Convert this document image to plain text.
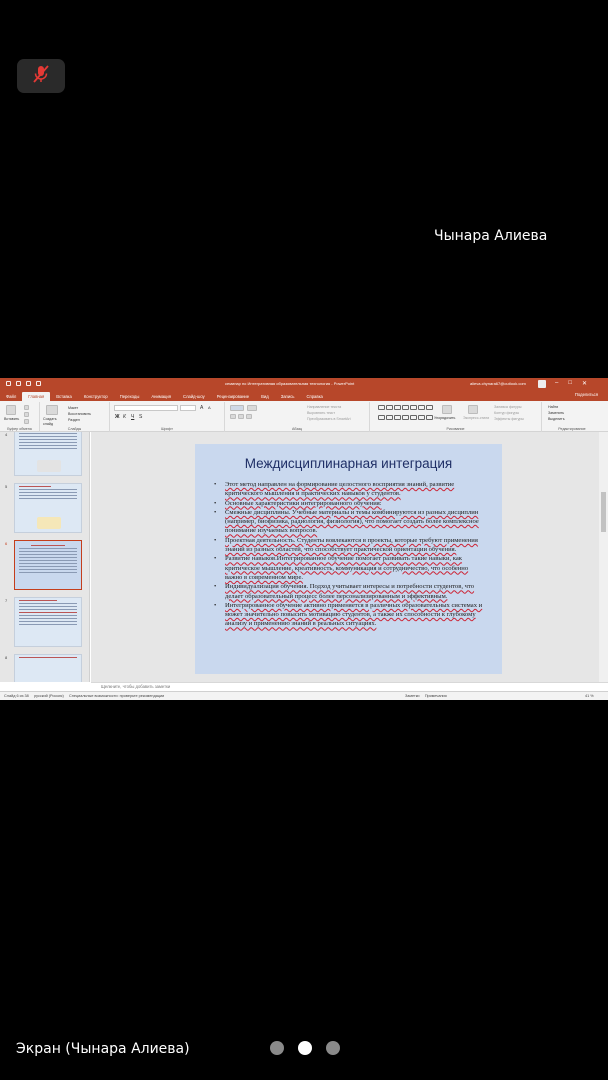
Чынара Алиева
семинар по Интегративная образовательная технология - PowerPoint	alieva.chynara67@outlook.com	– □ ✕
Файл	Главная	Вставка	Конструктор	Переходы	Анимация	Слайд-шоу	Рецензирование	Вид	Запись	Справка	Поделиться
Вставить
Буфер обмена
Создать слайд
Макет
Восстановить
Раздел
Слайды
Ж К Ч S
A A
Шрифт
Направление текста
Выровнять текст
Преобразовать в SmartArt
Абзац
Упорядочить Экспресс-стили
Заливка фигуры
Контур фигуры
Эффекты фигуры
Рисование
Найти
Заменить
Выделить
Редактирование
4
5
6
7
8
Междисциплинарная интеграция
• Этот метод направлен на формирование целостного восприятия знаний, развитие критического мышления и практических навыков у студентов.
• Основные характеристики интегрированного обучения:
• Смежные дисциплины. Учебные материалы и темы комбинируются из разных дисциплин (например, биофизика, радиология, физиология), что помогает создать более комплексное понимание изучаемых вопросов.
• Проектная деятельность. Студенты вовлекаются в проекты, которые требуют применения знаний из разных областей, что способствует практической ориентации обучения.
• Развитие навыков.Интегрированное обучение помогает развивать такие навыки, как критическое мышление, креативность, коммуникация и сотрудничество, что особенно важно в современном мире.
• Индивидуализация обучения. Подход учитывает интересы и потребности студентов, что делает образовательный процесс более персонализированным и эффективным.
• Интегрированное обучение активно применяется в различных образовательных системах и может значительно повысить мотивацию студентов, а также их способности к глубокому анализу и применению знаний в реальных ситуациях.
Щелкните, чтобы добавить заметки
Слайд 6 из 38 русский (Россия) Специальные возможности: проверьте рекомендации	Заметки Примечания	41 %
Экран (Чынара Алиева)
